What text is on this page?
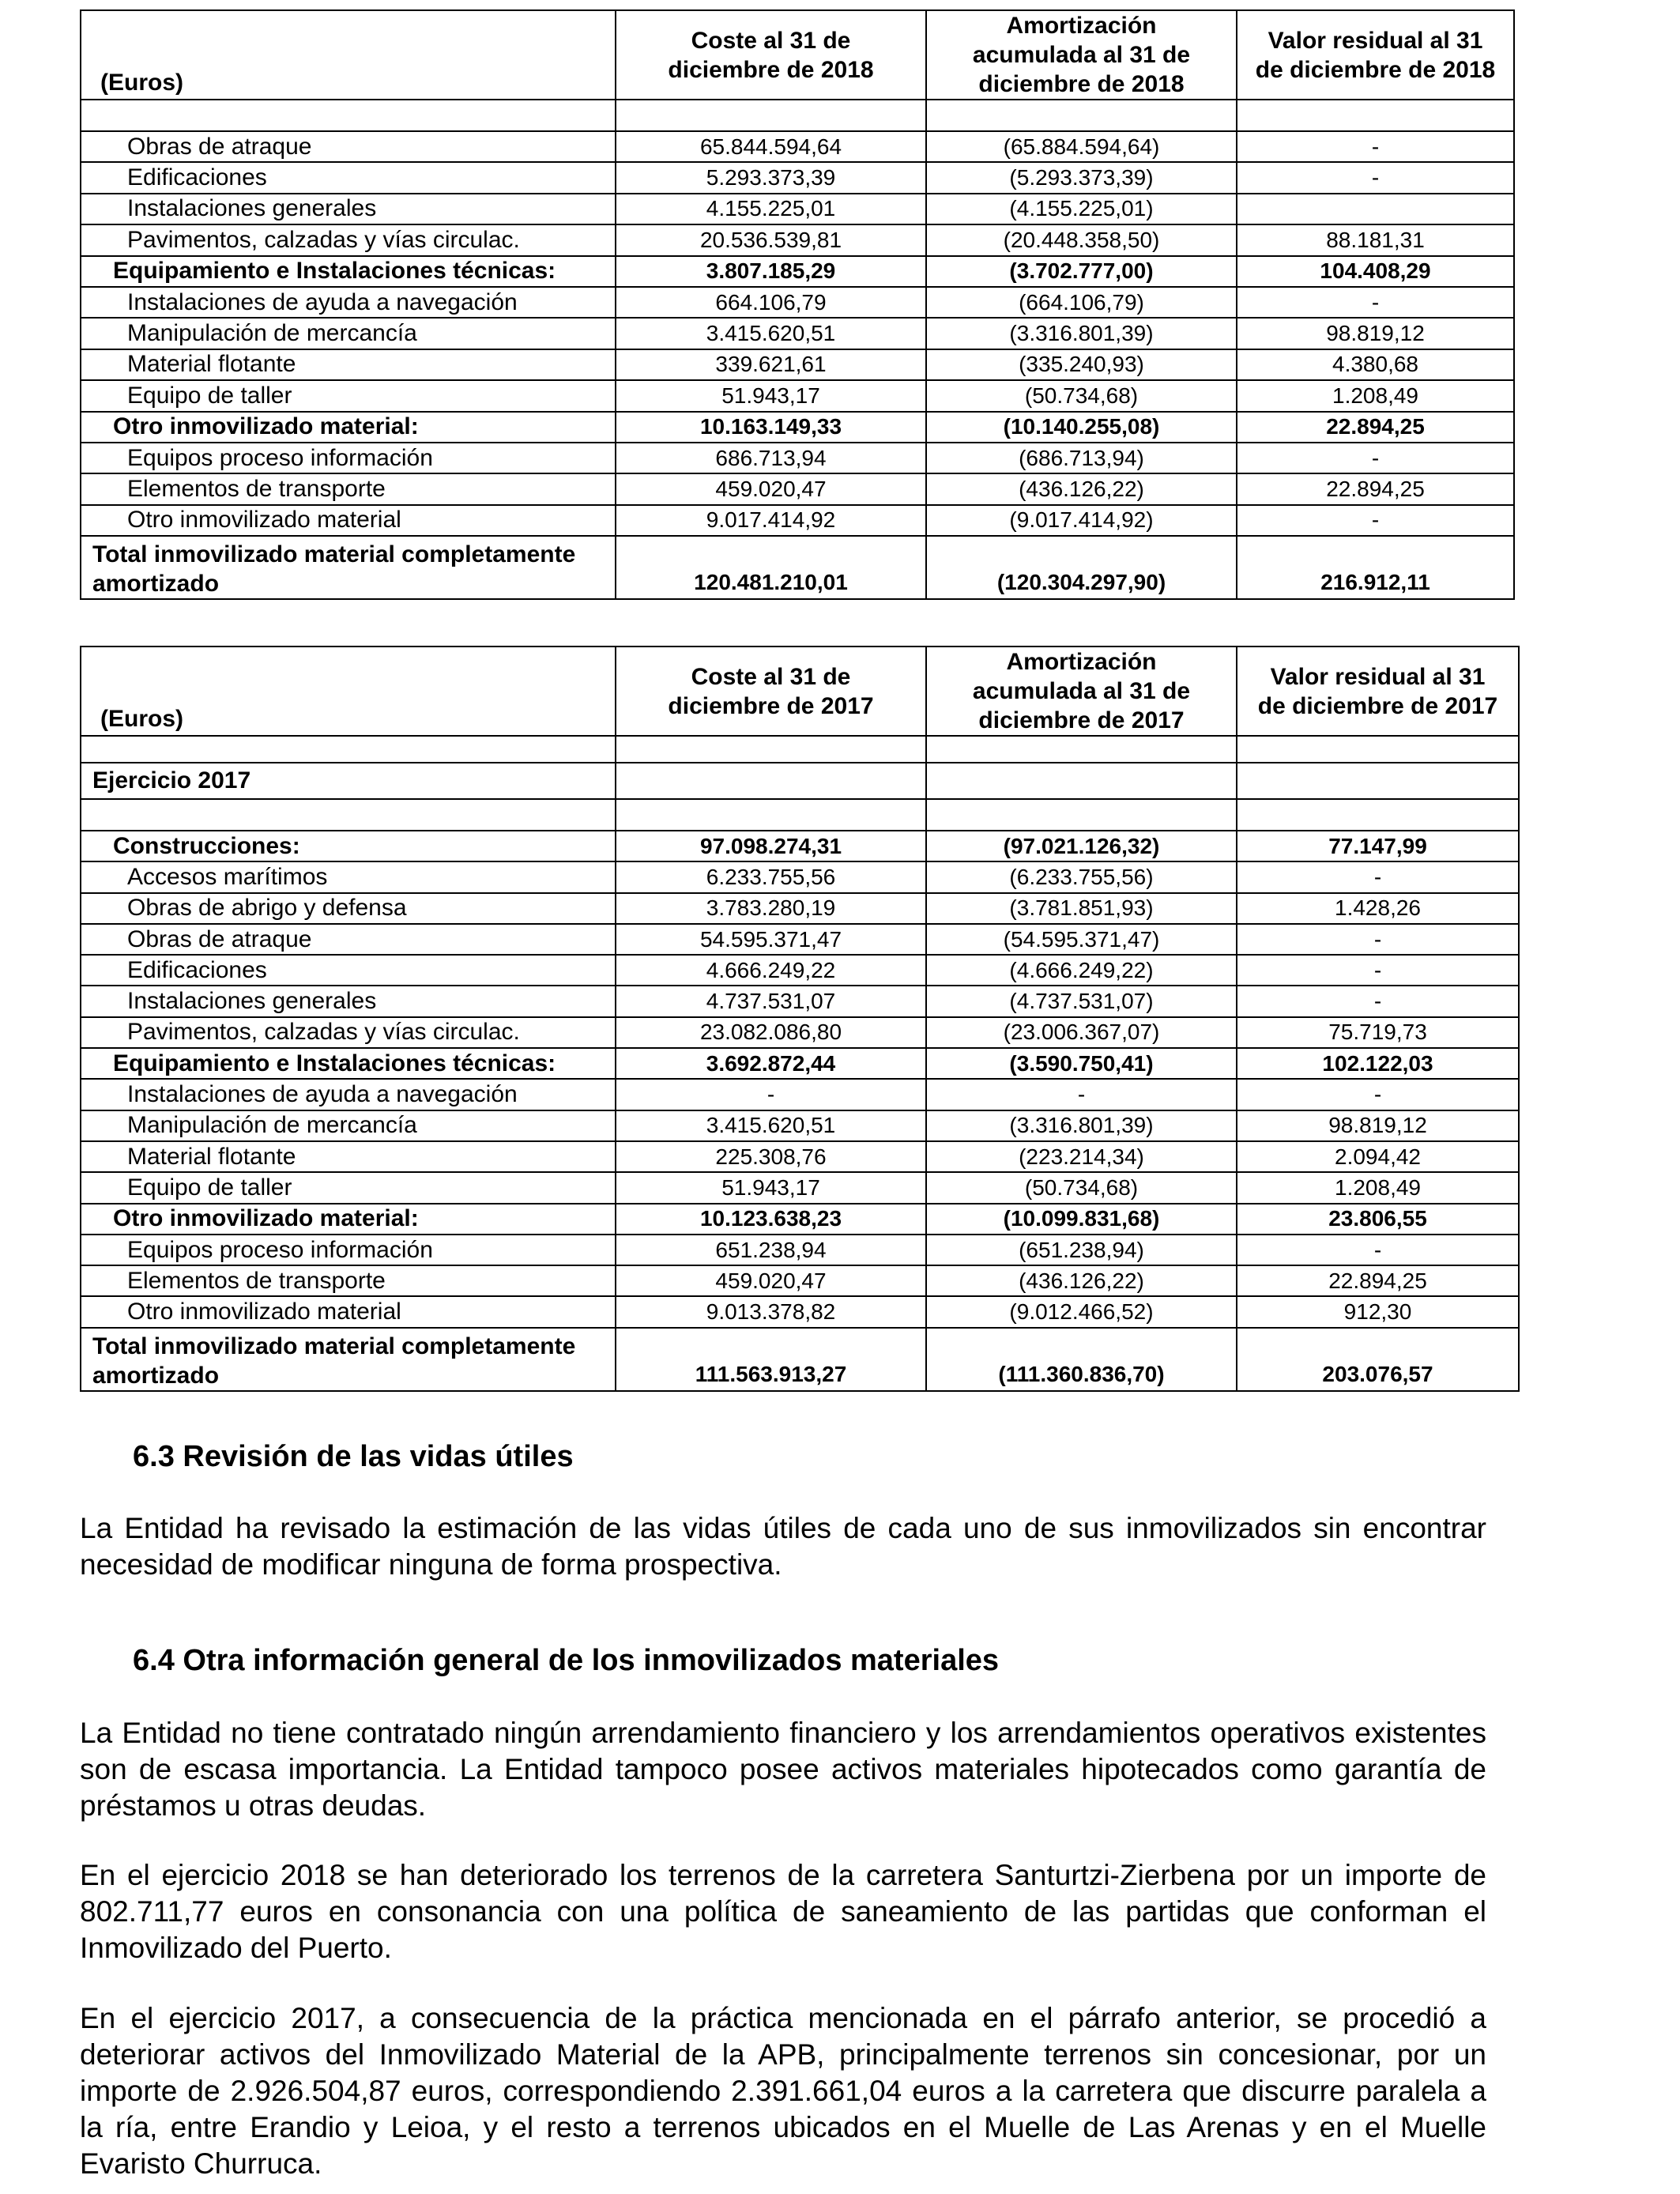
(Euros)	Coste al 31 de diciembre de 2018	Amortización acumulada al 31 de diciembre de 2018	Valor residual al 31 de diciembre de 2018

Obras de atraque	65.844.594,64	(65.884.594,64)	-
Edificaciones	5.293.373,39	(5.293.373,39)	-
Instalaciones generales	4.155.225,01	(4.155.225,01)	
Pavimentos, calzadas y vías circulac.	20.536.539,81	(20.448.358,50)	88.181,31
Equipamiento e Instalaciones técnicas:	3.807.185,29	(3.702.777,00)	104.408,29
Instalaciones de ayuda a navegación	664.106,79	(664.106,79)	-
Manipulación de mercancía	3.415.620,51	(3.316.801,39)	98.819,12
Material flotante	339.621,61	(335.240,93)	4.380,68
Equipo de taller	51.943,17	(50.734,68)	1.208,49
Otro inmovilizado material:	10.163.149,33	(10.140.255,08)	22.894,25
Equipos proceso información	686.713,94	(686.713,94)	-
Elementos de transporte	459.020,47	(436.126,22)	22.894,25
Otro inmovilizado material	9.017.414,92	(9.017.414,92)	-
Total inmovilizado material completamente amortizado	120.481.210,01	(120.304.297,90)	216.912,11
(Euros)	Coste al 31 de diciembre de 2017	Amortización acumulada al 31 de diciembre de 2017	Valor residual al 31 de diciembre de 2017

Ejercicio 2017			

Construcciones:	97.098.274,31	(97.021.126,32)	77.147,99
Accesos marítimos	6.233.755,56	(6.233.755,56)	-
Obras de abrigo y defensa	3.783.280,19	(3.781.851,93)	1.428,26
Obras de atraque	54.595.371,47	(54.595.371,47)	-
Edificaciones	4.666.249,22	(4.666.249,22)	-
Instalaciones generales	4.737.531,07	(4.737.531,07)	-
Pavimentos, calzadas y vías circulac.	23.082.086,80	(23.006.367,07)	75.719,73
Equipamiento e Instalaciones técnicas:	3.692.872,44	(3.590.750,41)	102.122,03
Instalaciones de ayuda a navegación	-	-	-
Manipulación de mercancía	3.415.620,51	(3.316.801,39)	98.819,12
Material flotante	225.308,76	(223.214,34)	2.094,42
Equipo de taller	51.943,17	(50.734,68)	1.208,49
Otro inmovilizado material:	10.123.638,23	(10.099.831,68)	23.806,55
Equipos proceso información	651.238,94	(651.238,94)	-
Elementos de transporte	459.020,47	(436.126,22)	22.894,25
Otro inmovilizado material	9.013.378,82	(9.012.466,52)	912,30
Total inmovilizado material completamente amortizado	111.563.913,27	(111.360.836,70)	203.076,57
6.3 Revisión de las vidas útiles

La Entidad ha revisado la estimación de las vidas útiles de cada uno de sus inmovilizados sin encontrar necesidad de modificar ninguna de forma prospectiva.

6.4 Otra información general de los inmovilizados materiales

La Entidad no tiene contratado ningún arrendamiento financiero y los arrendamientos operativos existentes son de escasa importancia. La Entidad tampoco posee activos materiales hipotecados como garantía de préstamos u otras deudas.

En el ejercicio 2018 se han deteriorado los terrenos de la carretera Santurtzi-Zierbena por un importe de 802.711,77 euros en consonancia con una política de saneamiento de las partidas que conforman el Inmovilizado del Puerto.

En el ejercicio 2017, a consecuencia de la práctica mencionada en el párrafo anterior, se procedió a deteriorar activos del Inmovilizado Material de la APB, principalmente terrenos sin concesionar, por un importe de 2.926.504,87 euros, correspondiendo 2.391.661,04 euros a la carretera que discurre paralela a la ría, entre Erandio y Leioa, y el resto a terrenos ubicados en el Muelle de Las Arenas y en el Muelle Evaristo Churruca.
